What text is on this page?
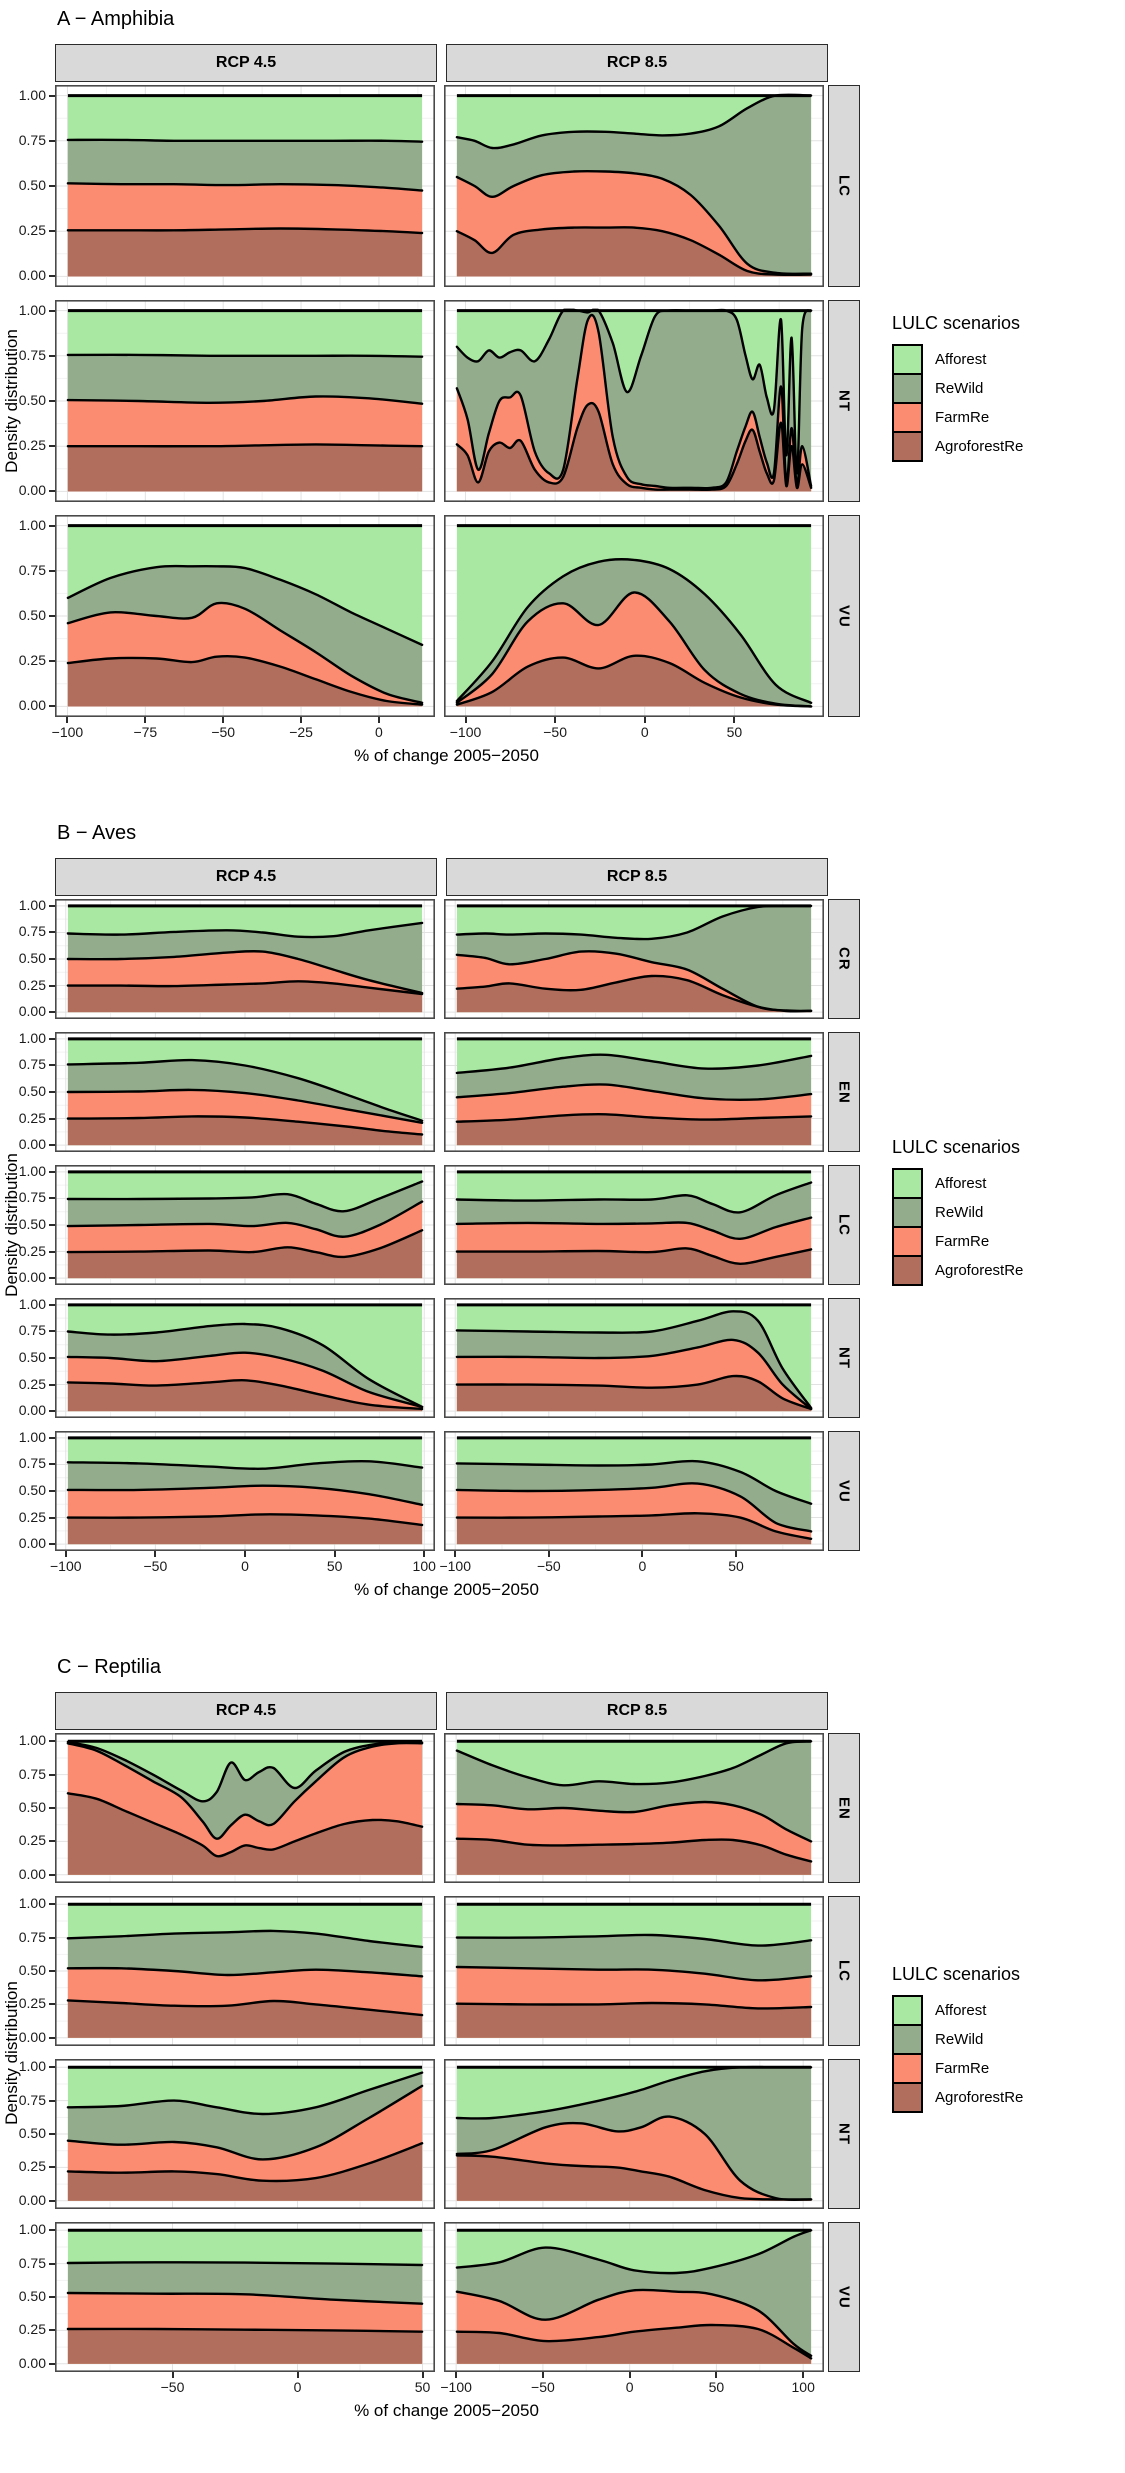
A − Amphibia
RCP 4.5	RCP 8.5
0.00
0.25
0.50
0.75
1.00
LC
0.00
0.25
0.50
0.75
1.00
NT
0.00
0.25
0.50
0.75
1.00
VU
−100	−75	−50	−25	0	−100	−50	0	50
% of change 2005−2050
Density distribution
LULC scenarios
Afforest
ReWild
FarmRe
AgroforestRe
B − Aves
RCP 4.5	RCP 8.5
0.00
0.25
0.50
0.75
1.00
CR
0.00
0.25
0.50
0.75
1.00
EN
0.00
0.25
0.50
0.75
1.00
LC
0.00
0.25
0.50
0.75
1.00
NT
0.00
0.25
0.50
0.75
1.00
VU
−100	−50	0	50	100 −100	−50	0	50
% of change 2005−2050
Density distribution
LULC scenarios
Afforest
ReWild
FarmRe
AgroforestRe
C − Reptilia
RCP 4.5	RCP 8.5
0.00
0.25
0.50
0.75
1.00
EN
0.00
0.25
0.50
0.75
1.00
LC
0.00
0.25
0.50
0.75
1.00
NT
0.00
0.25
0.50
0.75
1.00
VU
−50	0	50 −100	−50	0	50	100
% of change 2005−2050
Density distribution
LULC scenarios
Afforest
ReWild
FarmRe
AgroforestRe
